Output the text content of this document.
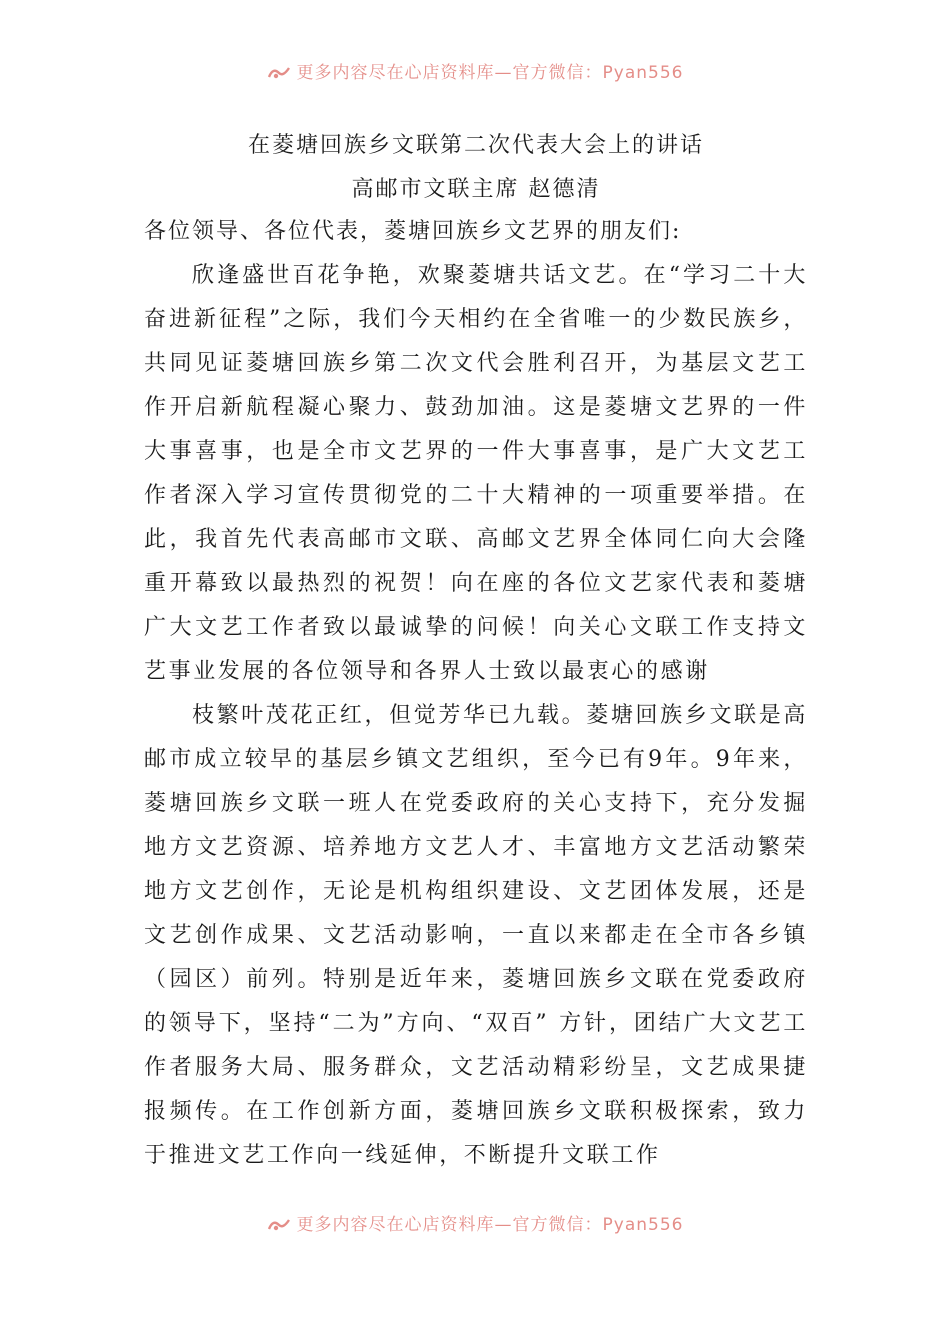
更多内容尽在心店资料库—官方微信：Pyan556

在菱塘回族乡文联第二次代表大会上的讲话

高邮市文联主席 赵德清

各位领导、各位代表，菱塘回族乡文艺界的朋友们:

欣逢盛世百花争艳，欢聚菱塘共话文艺。在“学习二十大 奋进新征程”之际，我们今天相约在全省唯一的少数民族乡，共同见证菱塘回族乡第二次文代会胜利召开，为基层文艺工作开启新航程凝心聚力、鼓劲加油。这是菱塘文艺界的一件大事喜事，也是全市文艺界的一件大事喜事，是广大文艺工作者深入学习宣传贯彻党的二十大精神的一项重要举措。在此，我首先代表高邮市文联、高邮文艺界全体同仁向大会隆重开幕致以最热烈的祝贺！向在座的各位文艺家代表和菱塘广大文艺工作者致以最诚挚的问候！向关心文联工作支持文艺事业发展的各位领导和各界人士致以最衷心的感谢

枝繁叶茂花正红，但觉芳华已九载。菱塘回族乡文联是高邮市成立较早的基层乡镇文艺组织，至今已有9年。9年来，菱塘回族乡文联一班人在党委政府的关心支持下，充分发掘地方文艺资源、培养地方文艺人才、丰富地方文艺活动繁荣地方文艺创作，无论是机构组织建设、文艺团体发展，还是文艺创作成果、文艺活动影响，一直以来都走在全市各乡镇（园区）前列。特别是近年来，菱塘回族乡文联在党委政府的领导下，坚持“二为”方向、“双百” 方针，团结广大文艺工作者服务大局、服务群众，文艺活动精彩纷呈，文艺成果捷报频传。在工作创新方面，菱塘回族乡文联积极探索，致力于推进文艺工作向一线延伸，不断提升文联工作

更多内容尽在心店资料库—官方微信：Pyan556
